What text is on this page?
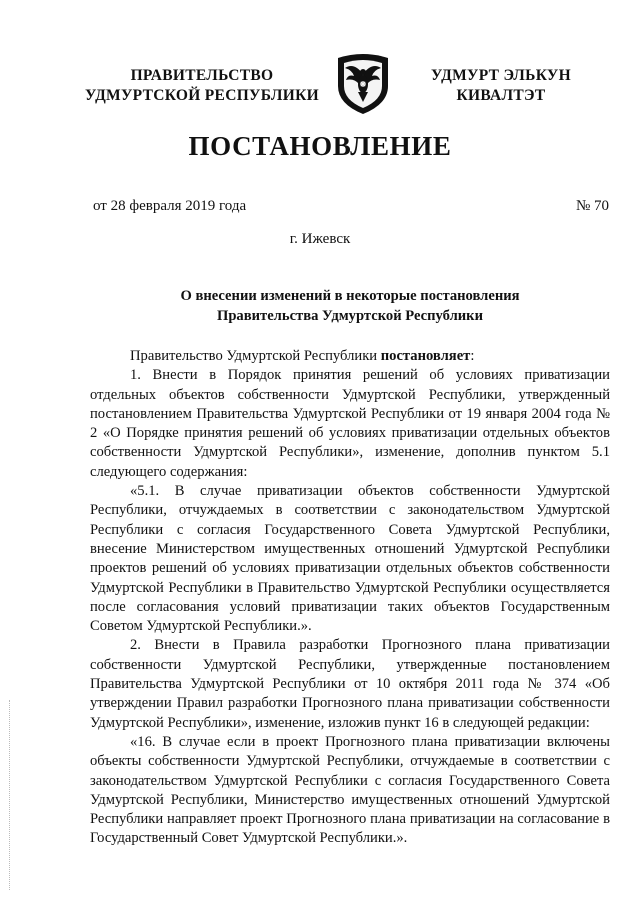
ПРАВИТЕЛЬСТВО
УДМУРТСКОЙ РЕСПУБЛИКИ
УДМУРТ ЭЛЬКУН
КИВАЛТЭТ
ПОСТАНОВЛЕНИЕ
от 28 февраля 2019 года	№ 70
г. Ижевск
О внесении изменений в некоторые постановления
Правительства Удмуртской Республики

Правительство Удмуртской Республики постановляет:

1. Внести в Порядок принятия решений об условиях приватизации отдельных объектов собственности Удмуртской Республики, утвержденный постановлением Правительства Удмуртской Республики от 19 января 2004 года № 2 «О Порядке принятия решений об условиях приватизации отдельных объектов собственности Удмуртской Республики», изменение, дополнив пунктом 5.1 следующего содержания:

«5.1. В случае приватизации объектов собственности Удмуртской Республики, отчуждаемых в соответствии с законодательством Удмуртской Республики с согласия Государственного Совета Удмуртской Республики, внесение Министерством имущественных отношений Удмуртской Республики проектов решений об условиях приватизации отдельных объектов собственности Удмуртской Республики в Правительство Удмуртской Республики осуществляется после согласования условий приватизации таких объектов Государственным Советом Удмуртской Республики.».

2. Внести в Правила разработки Прогнозного плана приватизации собственности Удмуртской Республики, утвержденные постановлением Правительства Удмуртской Республики от 10 октября 2011 года № 374 «Об утверждении Правил разработки Прогнозного плана приватизации собственности Удмуртской Республики», изменение, изложив пункт 16 в следующей редакции:

«16. В случае если в проект Прогнозного плана приватизации включены объекты собственности Удмуртской Республики, отчуждаемые в соответствии с законодательством Удмуртской Республики с согласия Государственного Совета Удмуртской Республики, Министерство имущественных отношений Удмуртской Республики направляет проект Прогнозного плана приватизации на согласование в Государственный Совет Удмуртской Республики.».
